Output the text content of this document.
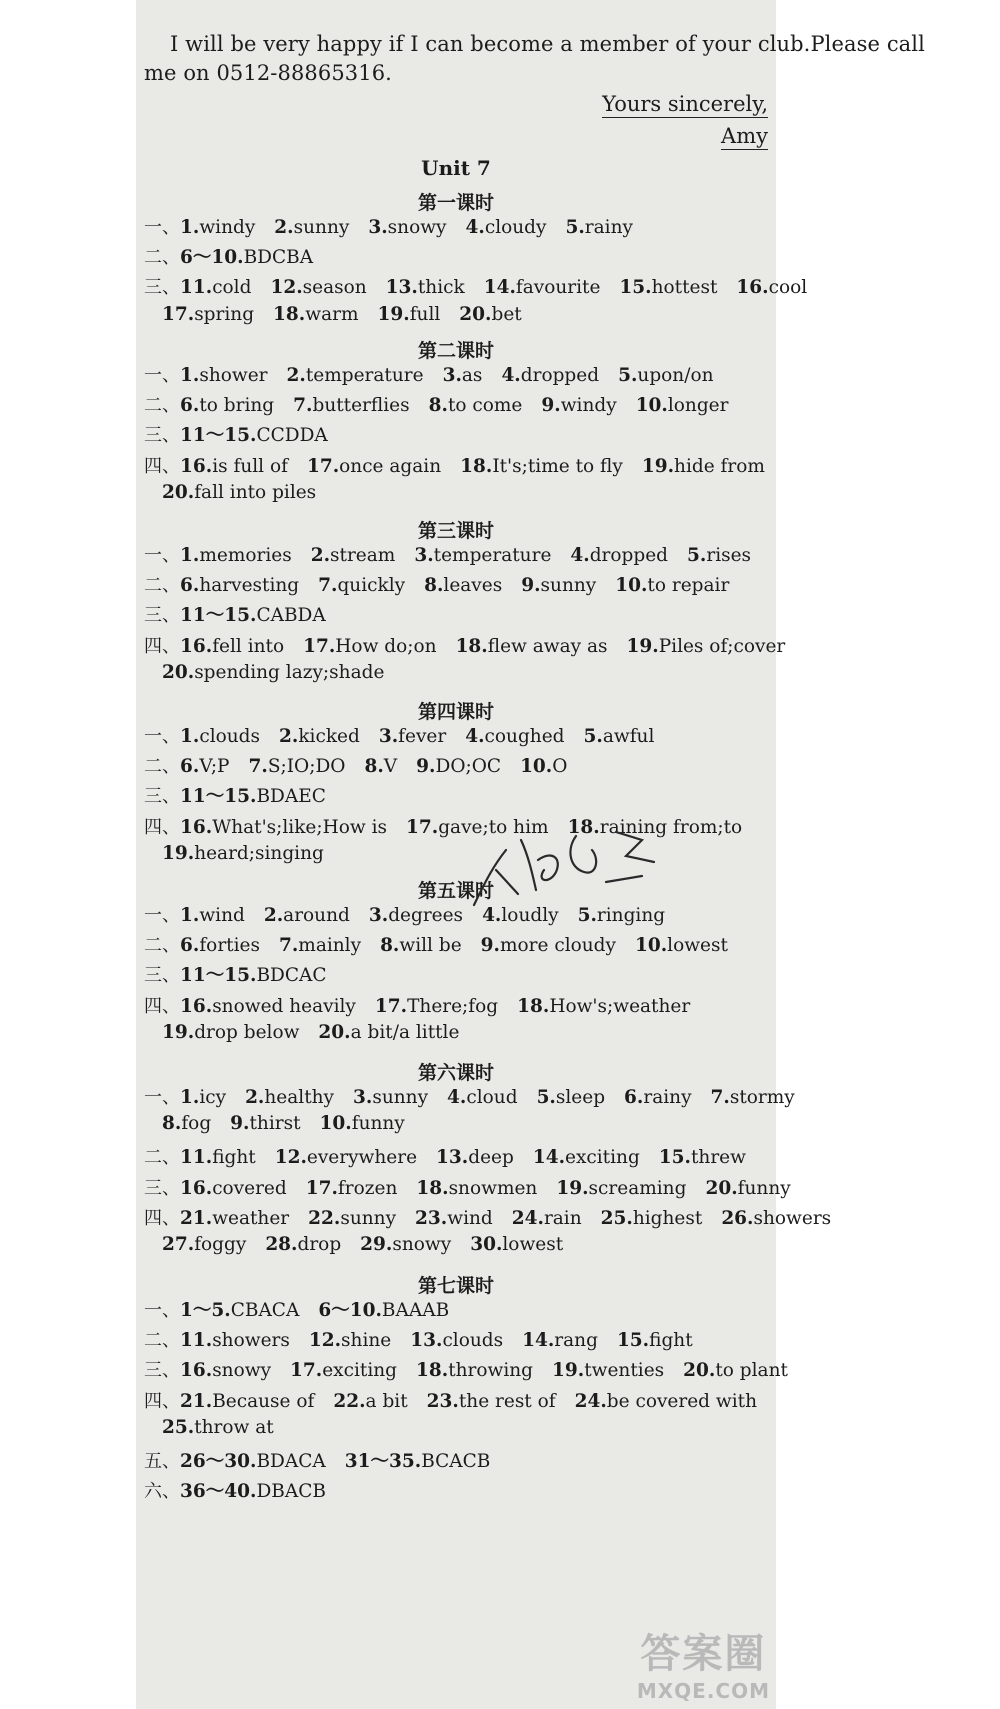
I will be very happy if I can become a member of your club.Please call
me on 0512-88865316.
Yours sincerely,
Amy
Unit 7
第一课时
一、1.windy 2.sunny 3.snowy 4.cloudy 5.rainy
二、6～10.BDCBA
三、11.cold 12.season 13.thick 14.favourite 15.hottest 16.cool
17.spring 18.warm 19.full 20.bet
第二课时
一、1.shower 2.temperature 3.as 4.dropped 5.upon/on
二、6.to bring 7.butterflies 8.to come 9.windy 10.longer
三、11～15.CCDDA
四、16.is full of 17.once again 18.It's;time to fly 19.hide from
20.fall into piles
第三课时
一、1.memories 2.stream 3.temperature 4.dropped 5.rises
二、6.harvesting 7.quickly 8.leaves 9.sunny 10.to repair
三、11～15.CABDA
四、16.fell into 17.How do;on 18.flew away as 19.Piles of;cover
20.spending lazy;shade
第四课时
一、1.clouds 2.kicked 3.fever 4.coughed 5.awful
二、6.V;P 7.S;IO;DO 8.V 9.DO;OC 10.O
三、11～15.BDAEC
四、16.What's;like;How is 17.gave;to him 18.raining from;to
19.heard;singing
第五课时
一、1.wind 2.around 3.degrees 4.loudly 5.ringing
二、6.forties 7.mainly 8.will be 9.more cloudy 10.lowest
三、11～15.BDCAC
四、16.snowed heavily 17.There;fog 18.How's;weather
19.drop below 20.a bit/a little
第六课时
一、1.icy 2.healthy 3.sunny 4.cloud 5.sleep 6.rainy 7.stormy
8.fog 9.thirst 10.funny
二、11.fight 12.everywhere 13.deep 14.exciting 15.threw
三、16.covered 17.frozen 18.snowmen 19.screaming 20.funny
四、21.weather 22.sunny 23.wind 24.rain 25.highest 26.showers
27.foggy 28.drop 29.snowy 30.lowest
第七课时
一、1～5.CBACA 6～10.BAAAB
二、11.showers 12.shine 13.clouds 14.rang 15.fight
三、16.snowy 17.exciting 18.throwing 19.twenties 20.to plant
四、21.Because of 22.a bit 23.the rest of 24.be covered with
25.throw at
五、26～30.BDACA 31～35.BCACB
六、36～40.DBACB
答案圈
MXQE.COM
